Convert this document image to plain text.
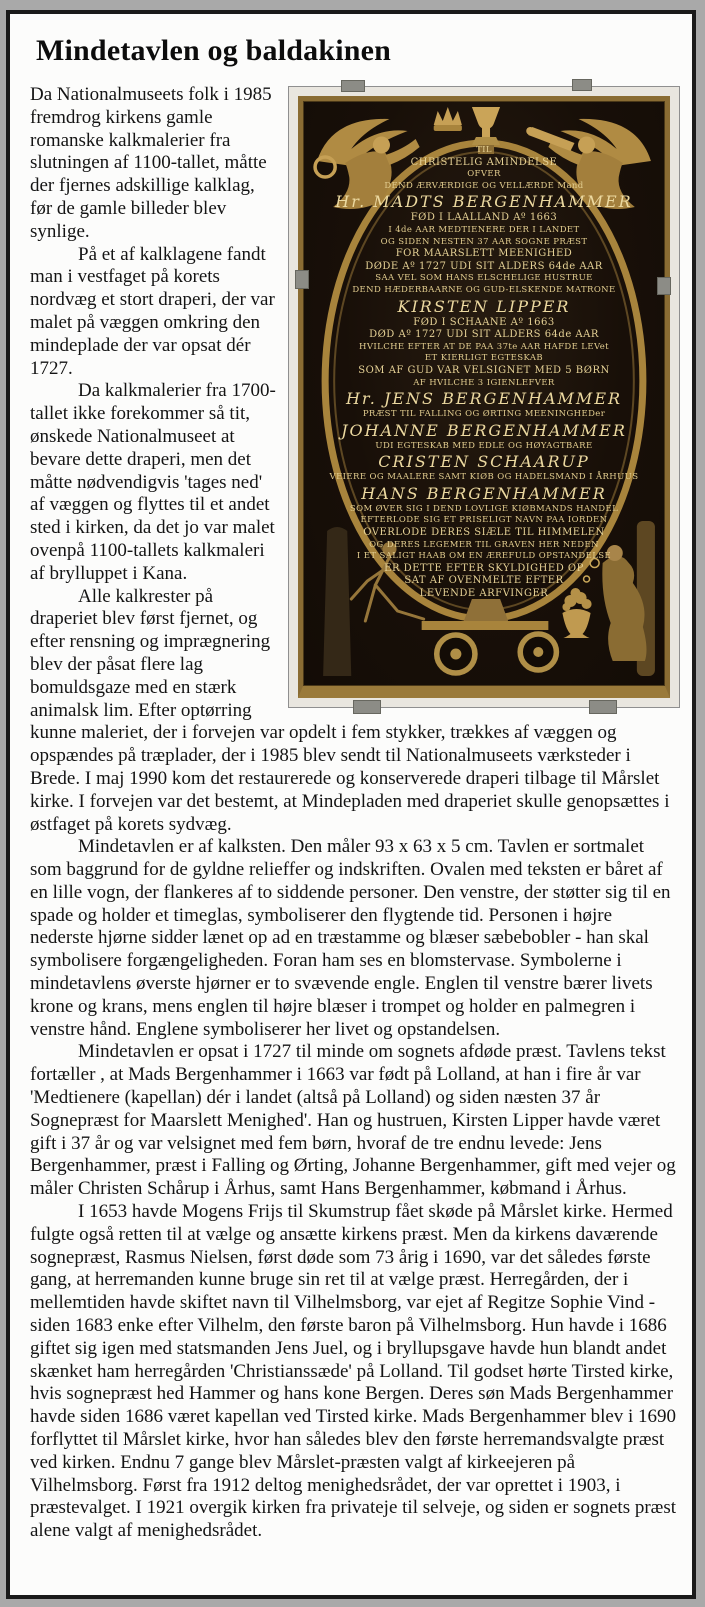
Mindetavlen og baldakinen
TIL
CHRISTELIG AMINDELSE
OFVER
DEND ÆRVÆRDIGE OG VELLÆRDE Mand
Hr. MADTS BERGENHAMMER
FØD I LAALLAND Aº 1663
I 4de AAR MEDTIENERE DER I LANDET
OG SIDEN NESTEN 37 AAR SOGNE PRÆST
FOR MAARSLETT MEENIGHED
DØDE Aº 1727 UDI SIT ALDERS 64de AAR
SAA VEL SOM HANS ELSCHELIGE HUSTRUE
DEND HÆDERBAARNE OG GUD-ELSKENDE MATRONE
KIRSTEN LIPPER
FØD I SCHAANE Aº 1663
DØD Aº 1727 UDI SIT ALDERS 64de AAR
HVILCHE EFTER AT DE PAA 37te AAR HAFDE LEVet
ET KIERLIGT EGTESKAB
SOM AF GUD VAR VELSIGNET MED 5 BØRN
AF HVILCHE 3 IGIENLEFVER
Hr. JENS BERGENHAMMER
PRÆST TIL FALLING OG ØRTING MEENINGHEDer
JOHANNE BERGENHAMMER
UDI EGTESKAB MED EDLE OG HØYAGTBARE
CRISTEN SCHAARUP
VEIERE OG MAALERE SAMT KIØB OG HADELSMAND I ÅRHUUS
HANS BERGENHAMMER
SOM ØVER SIG I DEND LOVLIGE KIØBMANDS HANDEL
EFTERLODE SIG ET PRISELIGT NAVN PAA IORDEN
OVERLODE DERES SIÆLE TIL HIMMELEN
OG DERES LEGEMER TIL GRAVEN HER NEDEN
I ET SALIGT HAAB OM EN ÆREFULD OPSTANDELSE
ER DETTE EFTER SKYLDIGHED OP
SAT AF OVENMELTE EFTER
LEVENDE ARFVINGER

Da Nationalmuseets folk i 1985 fremdrog kirkens gamle romanske kalkmalerier fra slutningen af 1100-tallet, måtte der fjernes adskillige kalklag, før de gamle billeder blev synlige.

På et af kalklagene fandt man i vestfaget på korets nordvæg et stort draperi, der var malet på væggen omkring den mindeplade der var opsat dér 1727.

Da kalkmalerier fra 1700-tallet ikke forekommer så tit, ønskede Nationalmuseet at bevare dette draperi, men det måtte nødvendigvis 'tages ned' af væggen og flyttes til et andet sted i kirken, da det jo var malet ovenpå 1100-tallets kalkmaleri af brylluppet i Kana.

Alle kalkrester på draperiet blev først fjernet, og efter rensning og imprægnering blev der påsat flere lag bomuldsgaze med en stærk animalsk lim. Efter optørring kunne maleriet, der i forvejen var opdelt i fem stykker, trækkes af væggen og opspændes på træplader, der i 1985 blev sendt til Nationalmuseets værksteder i Brede. I maj 1990 kom det restaurerede og konserverede draperi tilbage til Mårslet kirke. I forvejen var det bestemt, at Mindepladen med draperiet skulle genopsættes i østfaget på korets sydvæg.

Mindetavlen er af kalksten. Den måler 93 x 63 x 5 cm. Tavlen er sortmalet som baggrund for de gyldne relieffer og indskriften. Ovalen med teksten er båret af en lille vogn, der flankeres af to siddende personer. Den venstre, der støtter sig til en spade og holder et timeglas, symboliserer den flygtende tid. Personen i højre nederste hjørne sidder lænet op ad en træstamme og blæser sæbebobler - han skal symbolisere forgængeligheden. Foran ham ses en blomstervase. Symbolerne i mindetavlens øverste hjørner er to svævende engle. Englen til venstre bærer livets krone og krans, mens englen til højre blæser i trompet og holder en palmegren i venstre hånd. Englene symboliserer her livet og opstandelsen.

Mindetavlen er opsat i 1727 til minde om sognets afdøde præst. Tavlens tekst fortæller , at Mads Bergenhammer i 1663 var født på Lolland, at han i fire år var 'Medtienere (kapellan) dér i landet (altså på Lolland) og siden næsten 37 år Sognepræst for Maarslett Menighed'. Han og hustruen, Kirsten Lipper havde været gift i 37 år og var velsignet med fem børn, hvoraf de tre endnu levede: Jens Bergenhammer, præst i Falling og Ørting, Johanne Bergenhammer, gift med vejer og måler Christen Schårup i Århus, samt Hans Bergenhammer, købmand i Århus.

I 1653 havde Mogens Frijs til Skumstrup fået skøde på Mårslet kirke. Hermed fulgte også retten til at vælge og ansætte kirkens præst. Men da kirkens daværende sognepræst, Rasmus Nielsen, først døde som 73 årig i 1690, var det således første gang, at herremanden kunne bruge sin ret til at vælge præst. Herregården, der i mellemtiden havde skiftet navn til Vilhelmsborg, var ejet af Regitze Sophie Vind - siden 1683 enke efter Vilhelm, den første baron på Vilhelmsborg. Hun havde i 1686 giftet sig igen med statsmanden Jens Juel, og i bryllupsgave havde hun blandt andet skænket ham herregården 'Christianssæde' på Lolland. Til godset hørte Tirsted kirke, hvis sognepræst hed Hammer og hans kone Bergen. Deres søn Mads Bergenhammer havde siden 1686 været kapellan ved Tirsted kirke. Mads Bergenhammer blev i 1690 forflyttet til Mårslet kirke, hvor han således blev den første herremandsvalgte præst ved kirken. Endnu 7 gange blev Mårslet-præsten valgt af kirkeejeren på Vilhelmsborg. Først fra 1912 deltog menighedsrådet, der var oprettet i 1903, i præstevalget. I 1921 overgik kirken fra privateje til selveje, og siden er sognets præst alene valgt af menighedsrådet.
